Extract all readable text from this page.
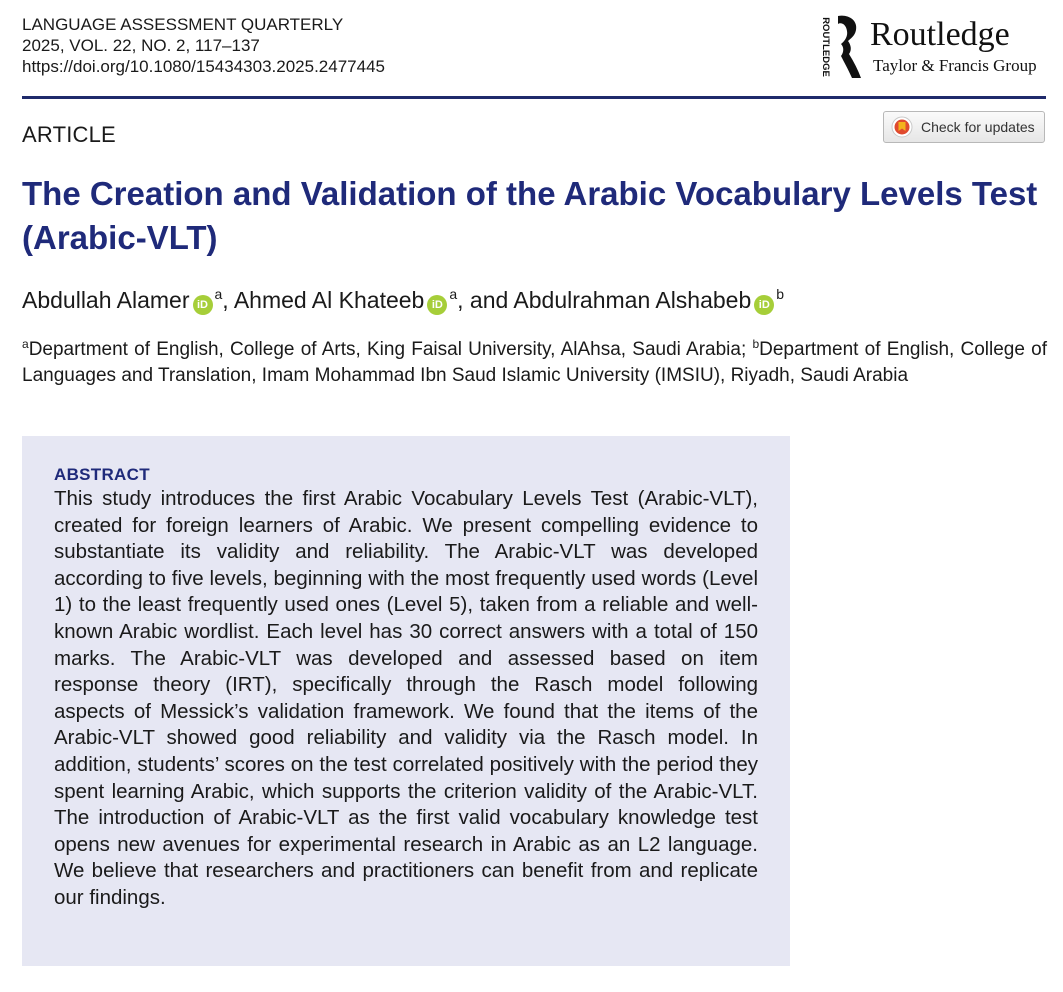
LANGUAGE ASSESSMENT QUARTERLY
2025, VOL. 22, NO. 2, 117–137
https://doi.org/10.1080/15434303.2025.2477445	ROUTLEDGE Routledge
Taylor & Francis Group
ARTICLE	Check for updates
The Creation and Validation of the Arabic Vocabulary Levels Test (Arabic-VLT)
Abdullah Alamer $iD^a$, Ahmed Al Khateeb $iD^a$, and Abdulrahman Alshabeb $iD^b$
$^a$Department of English, College of Arts, King Faisal University, AlAhsa, Saudi Arabia; $^b$Department of English, College of Languages and Translation, Imam Mohammad Ibn Saud Islamic University (IMSIU), Riyadh, Saudi Arabia
ABSTRACT
This study introduces the first Arabic Vocabulary Levels Test (Arabic-VLT), created for foreign learners of Arabic. We present compelling evidence to substantiate its validity and reliability. The Arabic-VLT was developed according to five levels, beginning with the most frequently used words (Level 1) to the least frequently used ones (Level 5), taken from a reliable and well-known Arabic wordlist. Each level has 30 correct answers with a total of 150 marks. The Arabic-VLT was developed and assessed based on item response theory (IRT), specifically through the Rasch model following aspects of Messick’s validation framework. We found that the items of the Arabic-VLT showed good reliability and validity via the Rasch model. In addition, students’ scores on the test correlated positively with the period they spent learning Arabic, which supports the criterion validity of the Arabic-VLT. The introduction of Arabic-VLT as the first valid vocabulary knowledge test opens new avenues for experimental research in Arabic as an L2 language. We believe that researchers and practitioners can benefit from and replicate our findings.
